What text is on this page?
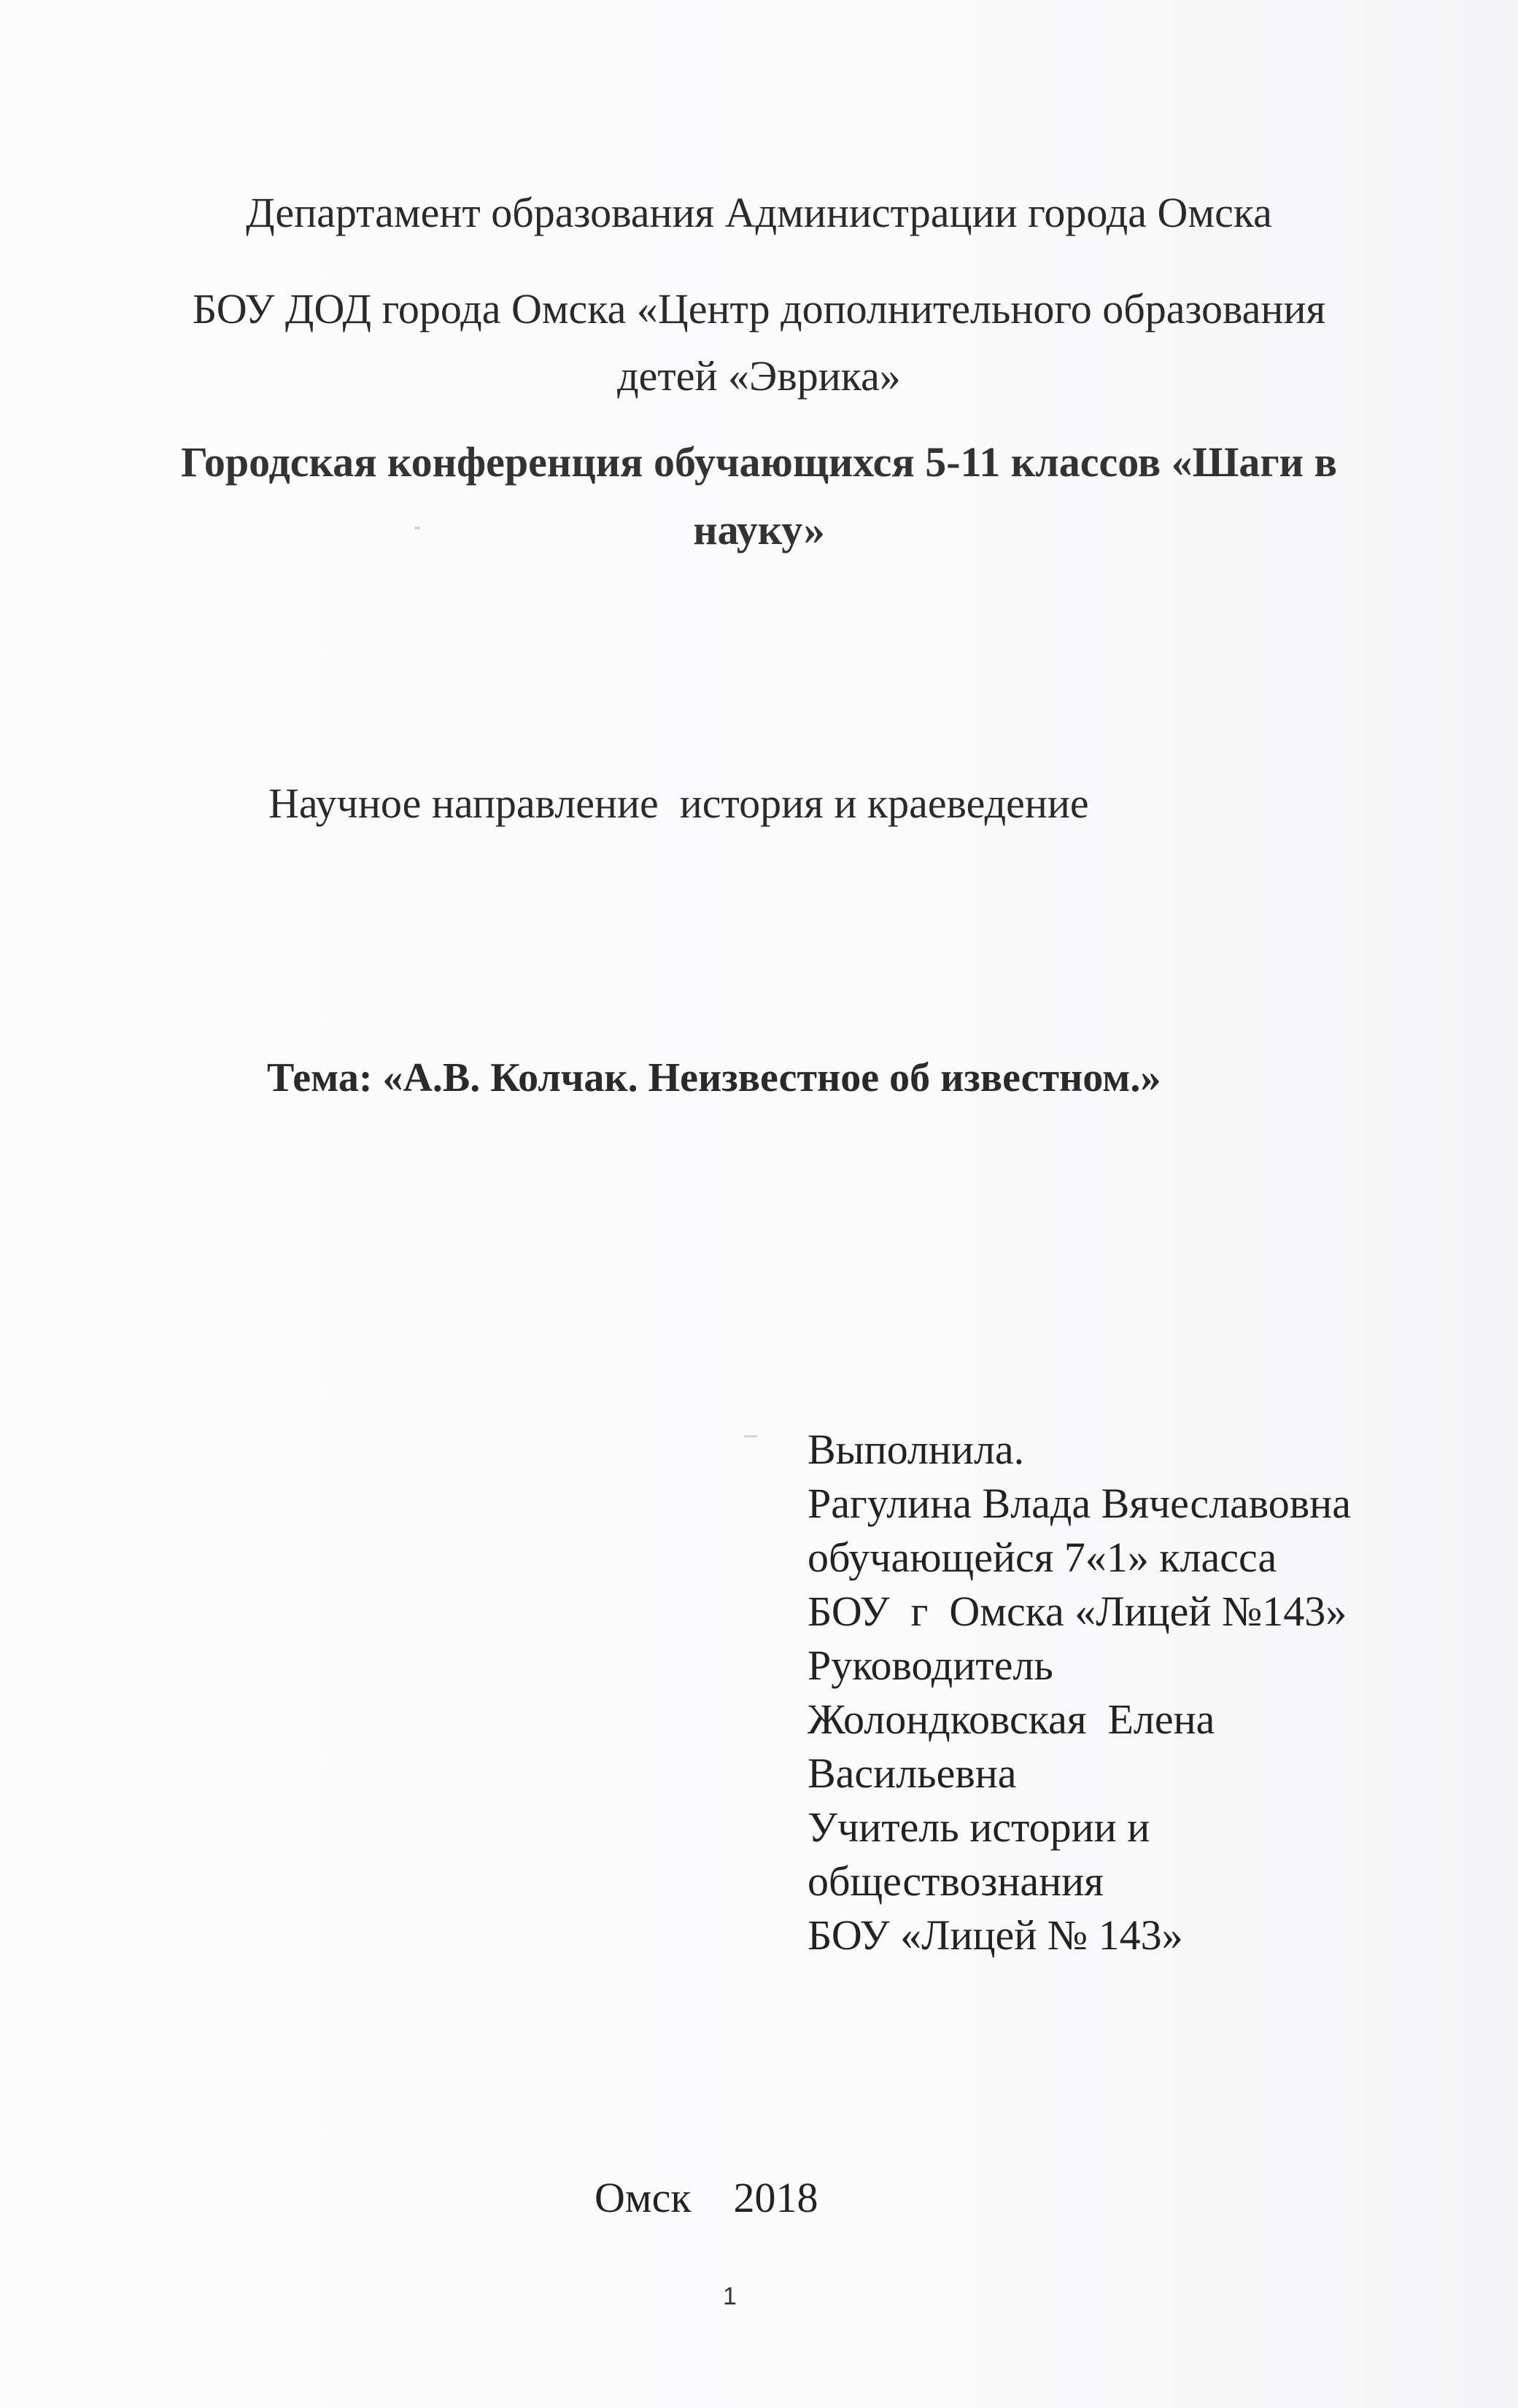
Департамент образования Администрации города Омска
БОУ ДОД города Омска «Центр дополнительного образования
детей «Эврика»
Городская конференция обучающихся 5-11 классов «Шаги в
науку»
Научное направление  история и краеведение
Тема: «А.В. Колчак. Неизвестное об известном.»
Выполнила.
Рагулина Влада Вячеславовна
обучающейся 7«1» класса
БОУ  г  Омска «Лицей №143»
Руководитель
Жолондковская  Елена
Васильевна
Учитель истории и
обществознания
БОУ «Лицей № 143»
Омск    2018
1
